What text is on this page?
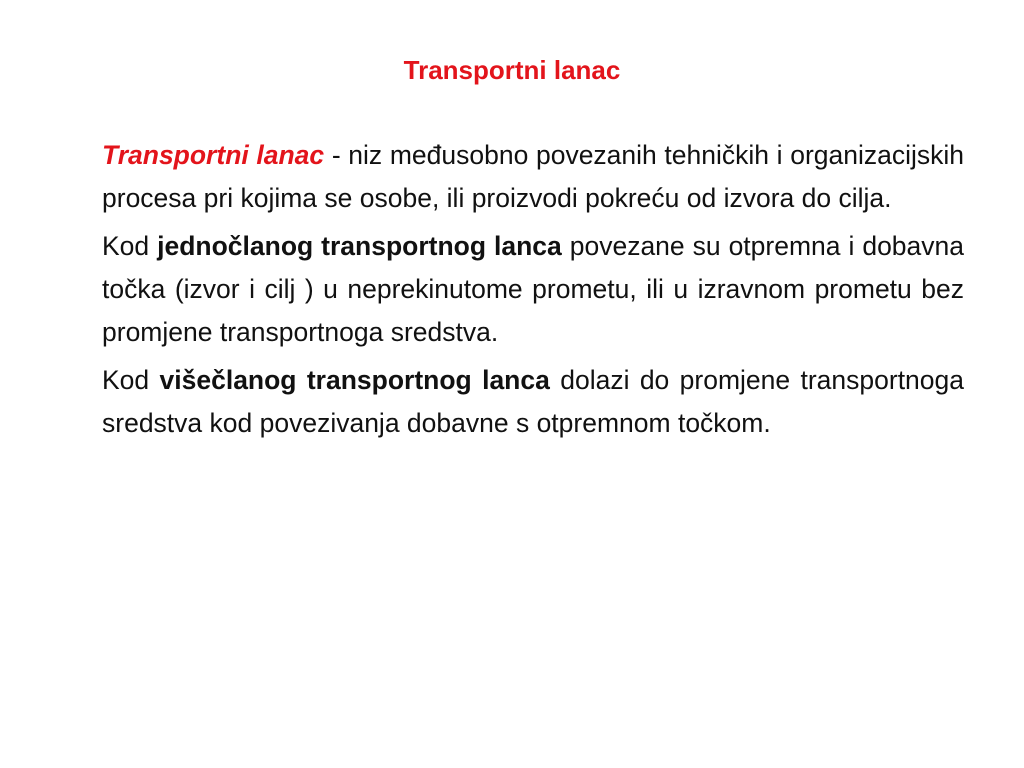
Transportni lanac

Transportni lanac - niz međusobno povezanih tehničkih i organizacijskih procesa pri kojima se osobe, ili proizvodi pokreću od izvora do cilja.

Kod jednočlanog transportnog lanca povezane su otpremna i dobavna točka (izvor i cilj ) u neprekinutome prometu, ili u izravnom prometu bez promjene transportnoga sredstva.

Kod višečlanog transportnog lanca dolazi do promjene transportnoga sredstva kod povezivanja dobavne s otpremnom točkom.
